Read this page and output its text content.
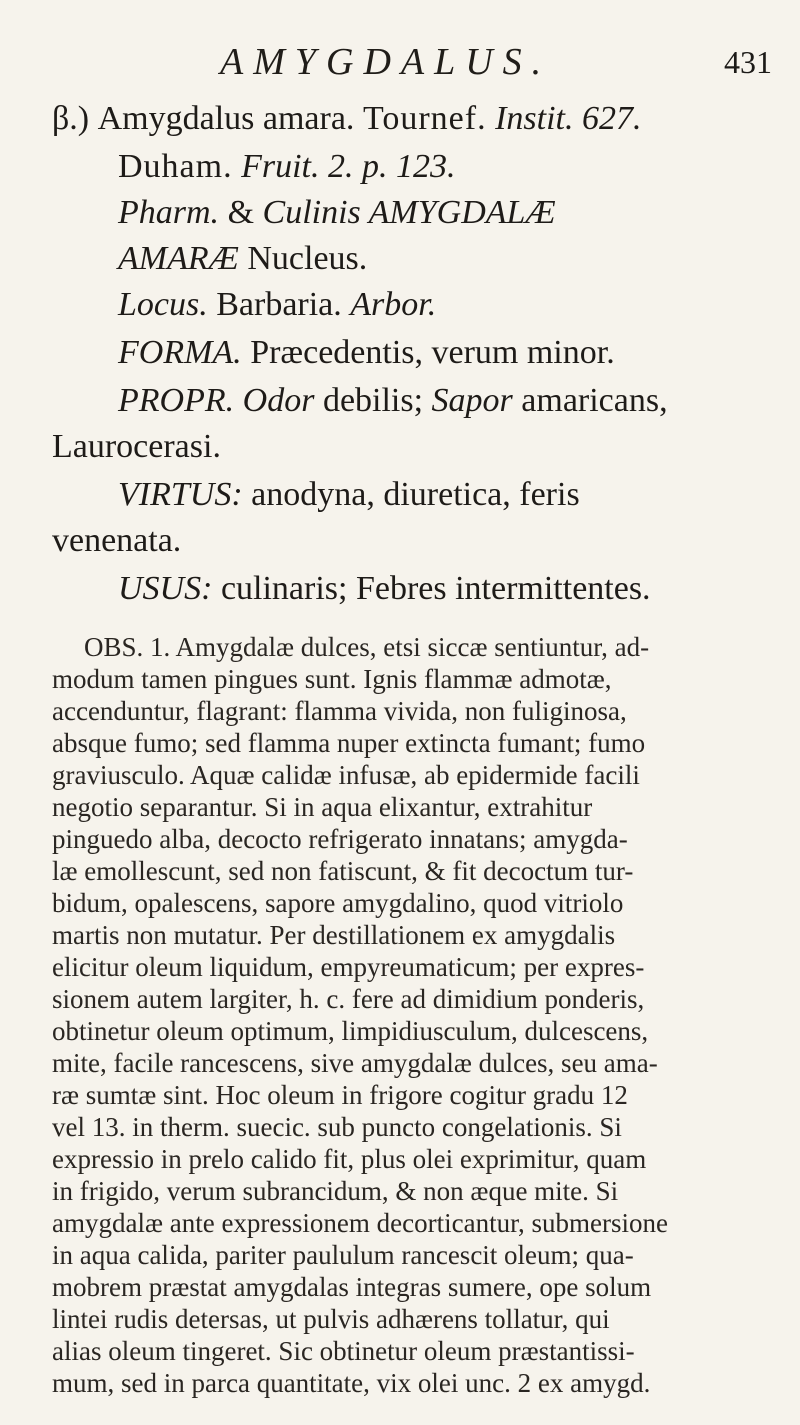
AMYGDALUS.	431
β.) Amygdalus amara. Tournef. Instit. 627.
Duham. Fruit. 2. p. 123.
Pharm. & Culinis AMYGDALÆ
AMARÆ Nucleus.
Locus. Barbaria. Arbor.
FORMA. Præcedentis, verum minor.
PROPR. Odor debilis; Sapor amaricans,
Laurocerasi.
VIRTUS: anodyna, diuretica, feris
venenata.
USUS: culinaris; Febres intermittentes.
OBS. 1. Amygdalæ dulces, etsi siccæ sentiuntur, ad-
modum tamen pingues sunt. Ignis flammæ admotæ,
accenduntur, flagrant: flamma vivida, non fuliginosa,
absque fumo; sed flamma nuper extincta fumant; fumo
graviusculo. Aquæ calidæ infusæ, ab epidermide facili
negotio separantur. Si in aqua elixantur, extrahitur
pinguedo alba, decocto refrigerato innatans; amygda-
læ emollescunt, sed non fatiscunt, & fit decoctum tur-
bidum, opalescens, sapore amygdalino, quod vitriolo
martis non mutatur. Per destillationem ex amygdalis
elicitur oleum liquidum, empyreumaticum; per expres-
sionem autem largiter, h. c. fere ad dimidium ponderis,
obtinetur oleum optimum, limpidiusculum, dulcescens,
mite, facile rancescens, sive amygdalæ dulces, seu ama-
ræ sumtæ sint. Hoc oleum in frigore cogitur gradu 12
vel 13. in therm. suecic. sub puncto congelationis. Si
expressio in prelo calido fit, plus olei exprimitur, quam
in frigido, verum subrancidum, & non æque mite. Si
amygdalæ ante expressionem decorticantur, submersione
in aqua calida, pariter paululum rancescit oleum; qua-
mobrem præstat amygdalas integras sumere, ope solum
lintei rudis detersas, ut pulvis adhærens tollatur, qui
alias oleum tingeret. Sic obtinetur oleum præstantissi-
mum, sed in parca quantitate, vix olei unc. 2 ex amygd.
